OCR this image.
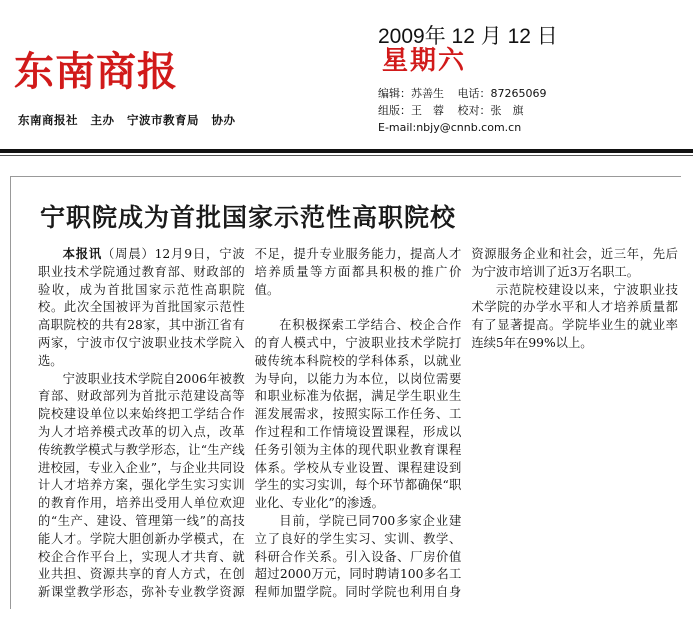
东南商报
东南商报社 主办 宁波市教育局 协办
2009年 12 月 12 日
星期六
编辑：苏善生 电话：87265069
组版：王　蓉 校对：张　旗
E-mail:nbjy@cnnb.com.cn
宁职院成为首批国家示范性高职院校

本报讯（周晨）12月9日，宁波职业技术学院通过教育部、财政部的验收，成为首批国家示范性高职院校。此次全国被评为首批国家示范性高职院校的共有28家，其中浙江省有两家，宁波市仅宁波职业技术学院入选。

宁波职业技术学院自2006年被教育部、财政部列为首批示范建设高等院校建设单位以来始终把工学结合作为人才培养模式改革的切入点，改革传统教学模式与教学形态，让“生产线进校园，专业入企业”，与企业共同设计人才培养方案，强化学生实习实训的教育作用，培养出受用人单位欢迎的“生产、建设、管理第一线”的高技能人才。学院大胆创新办学模式，在校企合作平台上，实现人才共育、就业共担、资源共享的育人方式，在创新课堂教学形态，弥补专业教学资源不足，提升专业服务能力，提高人才培养质量等方面都具积极的推广价值。

在积极探索工学结合、校企合作的育人模式中，宁波职业技术学院打破传统本科院校的学科体系，以就业为导向，以能力为本位，以岗位需要和职业标准为依据，满足学生职业生涯发展需求，按照实际工作任务、工作过程和工作情境设置课程，形成以任务引领为主体的现代职业教育课程体系。学校从专业设置、课程建设到学生的实习实训，每个环节都确保“职业化、专业化”的渗透。

目前，学院已同700多家企业建立了良好的学生实习、实训、教学、科研合作关系。引入设备、厂房价值超过2000万元，同时聘请100多名工程师加盟学院。同时学院也利用自身资源服务企业和社会，近三年，先后为宁波市培训了近3万名职工。

示范院校建设以来，宁波职业技术学院的办学水平和人才培养质量都有了显著提高。学院毕业生的就业率连续5年在99%以上。
